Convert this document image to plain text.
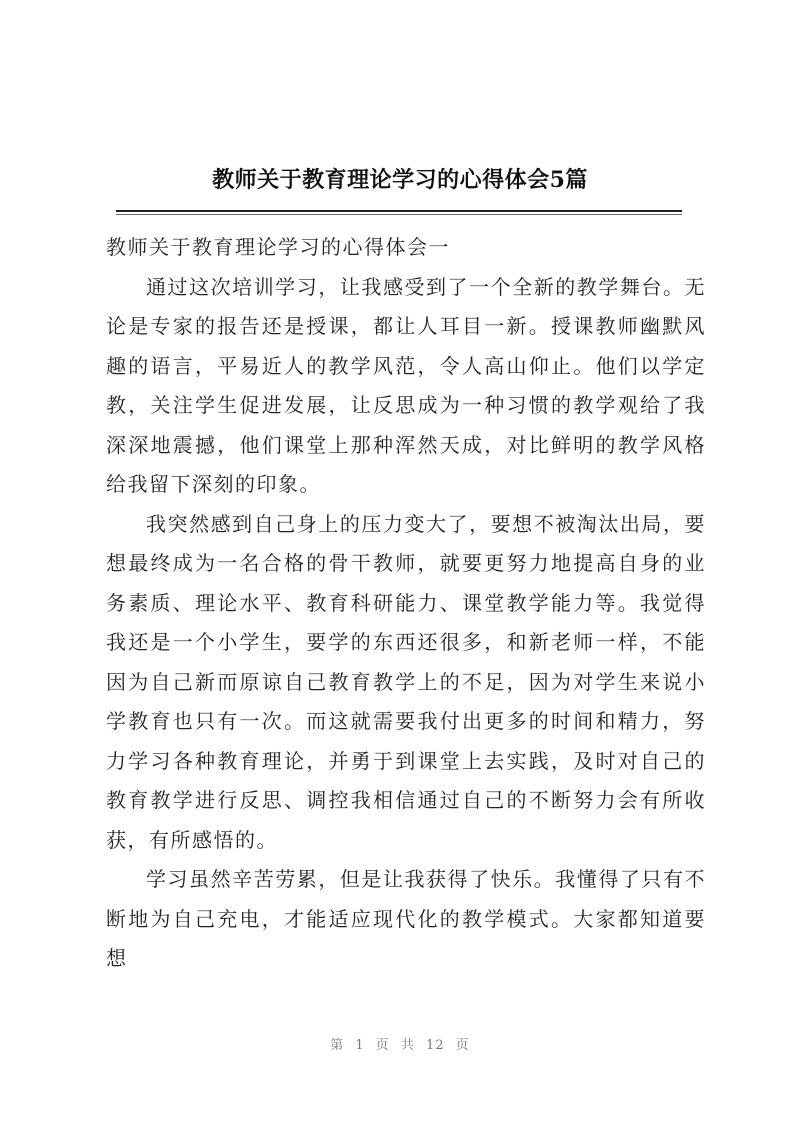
教师关于教育理论学习的心得体会5篇

教师关于教育理论学习的心得体会一

通过这次培训学习，让我感受到了一个全新的教学舞台。无论是专家的报告还是授课，都让人耳目一新。授课教师幽默风趣的语言，平易近人的教学风范，令人高山仰止。他们以学定教，关注学生促进发展，让反思成为一种习惯的教学观给了我深深地震撼，他们课堂上那种浑然天成，对比鲜明的教学风格给我留下深刻的印象。

我突然感到自己身上的压力变大了，要想不被淘汰出局，要想最终成为一名合格的骨干教师，就要更努力地提高自身的业务素质、理论水平、教育科研能力、课堂教学能力等。我觉得我还是一个小学生，要学的东西还很多，和新老师一样，不能因为自己新而原谅自己教育教学上的不足，因为对学生来说小学教育也只有一次。而这就需要我付出更多的时间和精力，努力学习各种教育理论，并勇于到课堂上去实践，及时对自己的教育教学进行反思、调控我相信通过自己的不断努力会有所收获，有所感悟的。

学习虽然辛苦劳累，但是让我获得了快乐。我懂得了只有不断地为自己充电，才能适应现代化的教学模式。大家都知道要想

第 1 页 共 12 页
